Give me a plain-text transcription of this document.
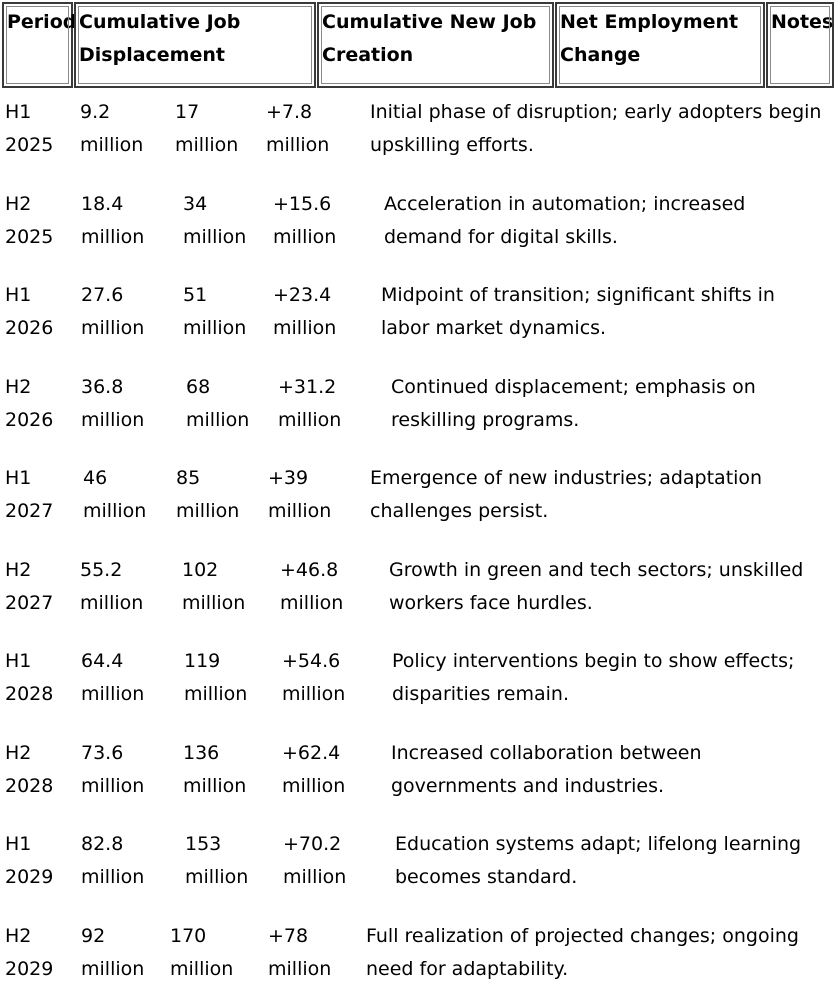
Period Cumulative Job
Displacement
Cumulative New Job
Creation
Net Employment
Change
Notes
H1
2025
9.2
million
17
million
+7.8
million
Initial phase of disruption; early adopters begin
upskilling efforts.
H2
2025
18.4
million
34
million
+15.6
million
Acceleration in automation; increased
demand for digital skills.
H1
2026
27.6
million
51
million
+23.4
million
Midpoint of transition; significant shifts in
labor market dynamics.
H2
2026
36.8
million
68
million
+31.2
million
Continued displacement; emphasis on
reskilling programs.
H1
2027
46
million
85
million
+39
million
Emergence of new industries; adaptation
challenges persist.
H2
2027
55.2
million
102
million
+46.8
million
Growth in green and tech sectors; unskilled
workers face hurdles.
H1
2028
64.4
million
119
million
+54.6
million
Policy interventions begin to show effects;
disparities remain.
H2
2028
73.6
million
136
million
+62.4
million
Increased collaboration between
governments and industries.
H1
2029
82.8
million
153
million
+70.2
million
Education systems adapt; lifelong learning
becomes standard.
H2
2029
92
million
170
million
+78
million
Full realization of projected changes; ongoing
need for adaptability.
